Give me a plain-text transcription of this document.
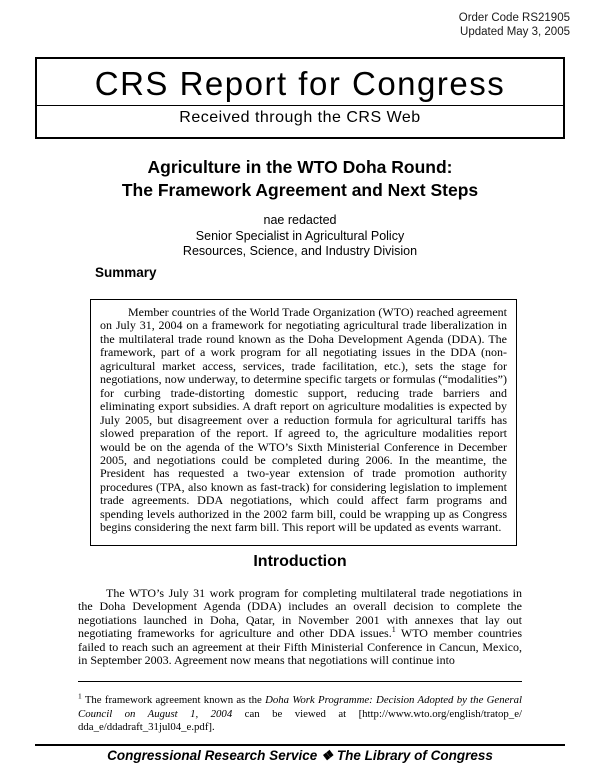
Order Code RS21905
Updated May 3, 2005
CRS Report for Congress
Received through the CRS Web
Agriculture in the WTO Doha Round:
The Framework Agreement and Next Steps
nae redacted
Senior Specialist in Agricultural Policy
Resources, Science, and Industry Division
Summary

Member countries of the World Trade Organization (WTO) reached agreement on July 31, 2004 on a framework for negotiating agricultural trade liberalization in the multilateral trade round known as the Doha Development Agenda (DDA). The framework, part of a work program for all negotiating issues in the DDA (non-agricultural market access, services, trade facilitation, etc.), sets the stage for negotiations, now underway, to determine specific targets or formulas (“modalities”) for curbing trade-distorting domestic support, reducing trade barriers and eliminating export subsidies. A draft report on agriculture modalities is expected by July 2005, but disagreement over a reduction formula for agricultural tariffs has slowed preparation of the report. If agreed to, the agriculture modalities report would be on the agenda of the WTO’s Sixth Ministerial Conference in December 2005, and negotiations could be completed during 2006. In the meantime, the President has requested a two-year extension of trade promotion authority procedures (TPA, also known as fast-track) for considering legislation to implement trade agreements. DDA negotiations, which could affect farm programs and spending levels authorized in the 2002 farm bill, could be wrapping up as Congress begins considering the next farm bill. This report will be updated as events warrant.

Introduction

The WTO’s July 31 work program for completing multilateral trade negotiations in the Doha Development Agenda (DDA) includes an overall decision to complete the negotiations launched in Doha, Qatar, in November 2001 with annexes that lay out negotiating frameworks for agriculture and other DDA issues.$^1$ WTO member countries failed to reach such an agreement at their Fifth Ministerial Conference in Cancun, Mexico, in September 2003. Agreement now means that negotiations will continue into

$^1$ The framework agreement known as the Doha Work Programme: Decision Adopted by the General Council on August 1, 2004 can be viewed at [http://www.wto.org/english/tratop_e/dda_e/ddadraft_31jul04_e.pdf].

Congressional Research Service ❖ The Library of Congress
